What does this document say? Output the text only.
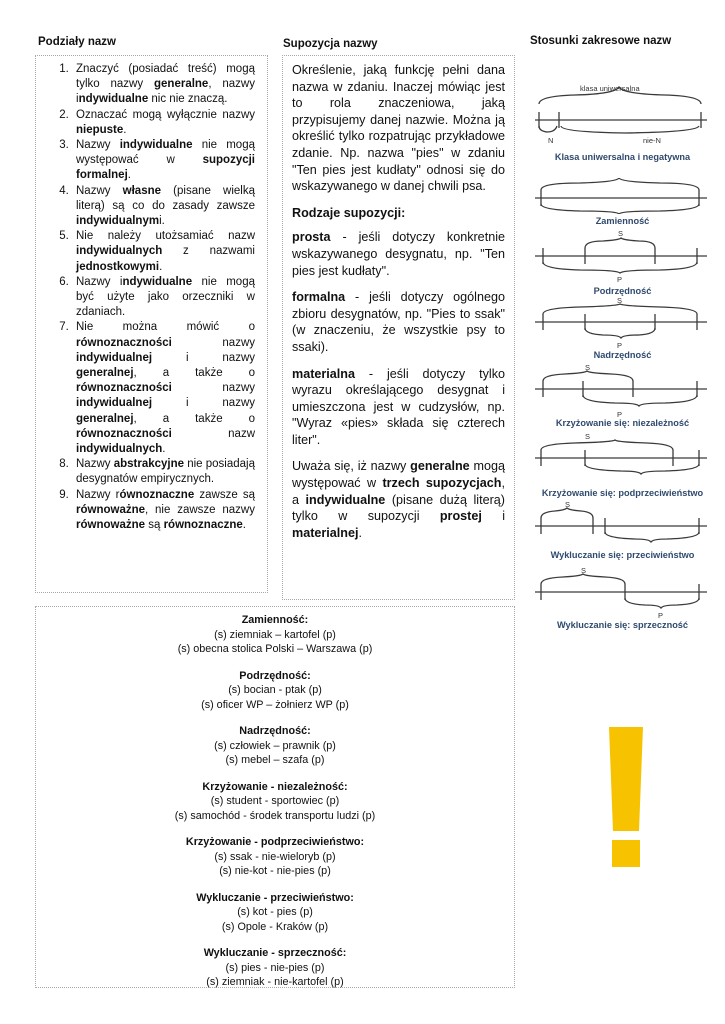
Podziały nazw	Supozycja nazwy	Stosunki zakresowe nazw
1. Znaczyć (posiadać treść) mogą tylko nazwy generalne, nazwy indywidualne nic nie znaczą.
2. Oznaczać mogą wyłącznie nazwy niepuste.
3. Nazwy indywidualne nie mogą występować w supozycji formalnej.
4. Nazwy własne (pisane wielką literą) są co do zasady zawsze indywidualnymi.
5. Nie należy utożsamiać nazw indywidualnych z nazwami jednostkowymi.
6. Nazwy indywidualne nie mogą być użyte jako orzeczniki w zdaniach.
7. Nie można mówić o równoznaczności nazwy indywidualnej i nazwy generalnej, a także o równoznaczności nazwy indywidualnej i nazwy generalnej, a także o równoznaczności nazw indywidualnych.
8. Nazwy abstrakcyjne nie posiadają desygnatów empirycznych.
9. Nazwy równoznaczne zawsze są równoważne, nie zawsze nazwy równoważne są równoznaczne.

Określenie, jaką funkcję pełni dana nazwa w zdaniu. Inaczej mówiąc jest to rola znaczeniowa, jaką przypisujemy danej nazwie. Można ją określić tylko rozpatrując przykładowe zdanie. Np. nazwa "pies" w zdaniu "Ten pies jest kudłaty" odnosi się do wskazywanego w danej chwili psa.

Rodzaje supozycji:

prosta - jeśli dotyczy konkretnie wskazywanego desygnatu, np. "Ten pies jest kudłaty".

formalna - jeśli dotyczy ogólnego zbioru desygnatów, np. "Pies to ssak" (w znaczeniu, że wszystkie psy to ssaki).

materialna - jeśli dotyczy tylko wyrazu określającego desygnat i umieszczona jest w cudzysłów, np. "Wyraz «pies» składa się czterech liter".

Uważa się, iż nazwy generalne mogą występować w trzech supozycjach, a indywidualne (pisane dużą literą) tylko w supozycji prostej i materialnej.

Zamienność:
(s) ziemniak – kartofel (p)
(s) obecna stolica Polski – Warszawa (p)
Podrzędność:
(s) bocian - ptak (p)
(s) oficer WP – żołnierz WP (p)
Nadrzędność:
(s) człowiek – prawnik (p)
(s) mebel – szafa (p)
Krzyżowanie - niezależność:
(s) student - sportowiec (p)
(s) samochód - środek transportu ludzi (p)
Krzyżowanie - podprzeciwieństwo:
(s) ssak - nie-wieloryb (p)
(s) nie-kot - nie-pies (p)
Wykluczanie - przeciwieństwo:
(s) kot - pies (p)
(s) Opole - Kraków (p)
Wykluczanie - sprzeczność:
(s) pies - nie-pies (p)
(s) ziemniak - nie-kartofel (p)
klasa uniwersalna
N	nie-N
Klasa uniwersalna i negatywna
Zamienność
S
P
Podrzędność
S
P
Nadrzędność
S
P
Krzyżowanie się: niezależność
S
Krzyżowanie się: podprzeciwieństwo
S
Wykluczanie się: przeciwieństwo
S
P
Wykluczanie się: sprzeczność
